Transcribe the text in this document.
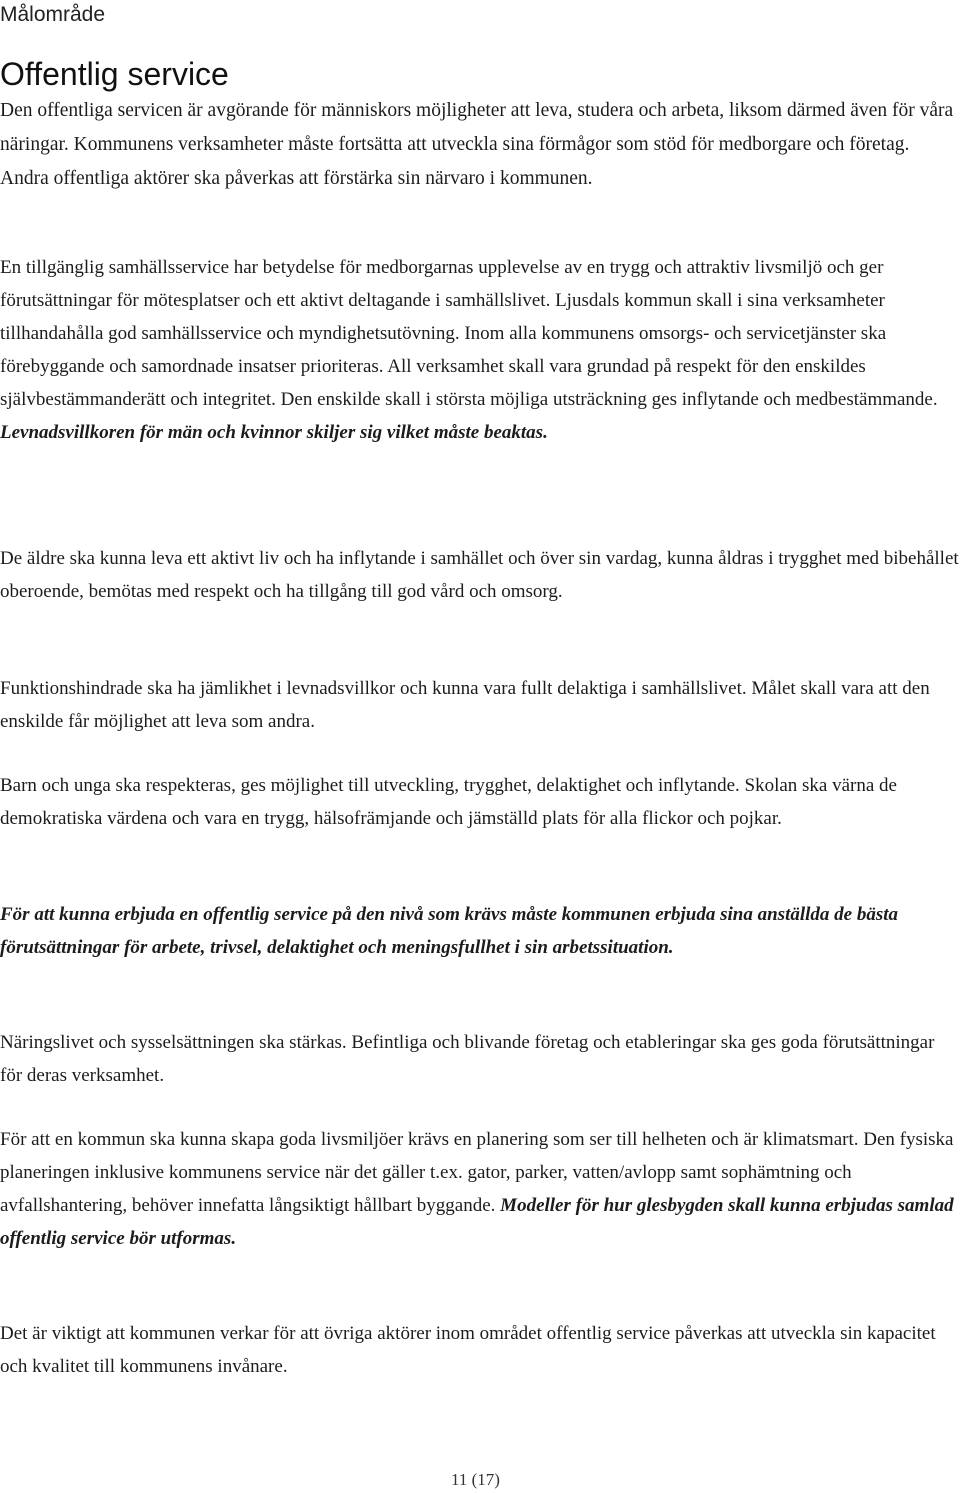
Målområde
Offentlig service

Den offentliga servicen är avgörande för människors möjligheter att leva, studera och arbeta, liksom därmed även för våra näringar. Kommunens verksamheter måste fortsätta att utveckla sina förmågor som stöd för medborgare och företag. Andra offentliga aktörer ska påverkas att förstärka sin närvaro i kommunen.

En tillgänglig samhällsservice har betydelse för medborgarnas upplevelse av en trygg och attraktiv livsmiljö och ger förutsättningar för mötesplatser och ett aktivt deltagande i samhällslivet. Ljusdals kommun skall i sina verksamheter tillhandahålla god samhällsservice och myndighetsutövning. Inom alla kommunens omsorgs- och servicetjänster ska förebyggande och samordnade insatser prioriteras. All verksamhet skall vara grundad på respekt för den enskildes självbestämmanderätt och integritet. Den enskilde skall i största möjliga utsträckning ges inflytande och medbestämmande. Levnadsvillkoren för män och kvinnor skiljer sig vilket måste beaktas.

De äldre ska kunna leva ett aktivt liv och ha inflytande i samhället och över sin vardag, kunna åldras i trygghet med bibehållet oberoende, bemötas med respekt och ha tillgång till god vård och omsorg.

Funktionshindrade ska ha jämlikhet i levnadsvillkor och kunna vara fullt delaktiga i samhällslivet. Målet skall vara att den enskilde får möjlighet att leva som andra.

Barn och unga ska respekteras, ges möjlighet till utveckling, trygghet, delaktighet och inflytande. Skolan ska värna de demokratiska värdena och vara en trygg, hälsofrämjande och jämställd plats för alla flickor och pojkar.

För att kunna erbjuda en offentlig service på den nivå som krävs måste kommunen erbjuda sina anställda de bästa förutsättningar för arbete, trivsel, delaktighet och meningsfullhet i sin arbetssituation.

Näringslivet och sysselsättningen ska stärkas. Befintliga och blivande företag och etableringar ska ges goda förutsättningar för deras verksamhet.

För att en kommun ska kunna skapa goda livsmiljöer krävs en planering som ser till helheten och är klimatsmart. Den fysiska planeringen inklusive kommunens service när det gäller t.ex. gator, parker, vatten/avlopp samt sophämtning och avfallshantering, behöver innefatta långsiktigt hållbart byggande. Modeller för hur glesbygden skall kunna erbjudas samlad offentlig service bör utformas.

Det är viktigt att kommunen verkar för att övriga aktörer inom området offentlig service påverkas att utveckla sin kapacitet och kvalitet till kommunens invånare.

11 (17)
